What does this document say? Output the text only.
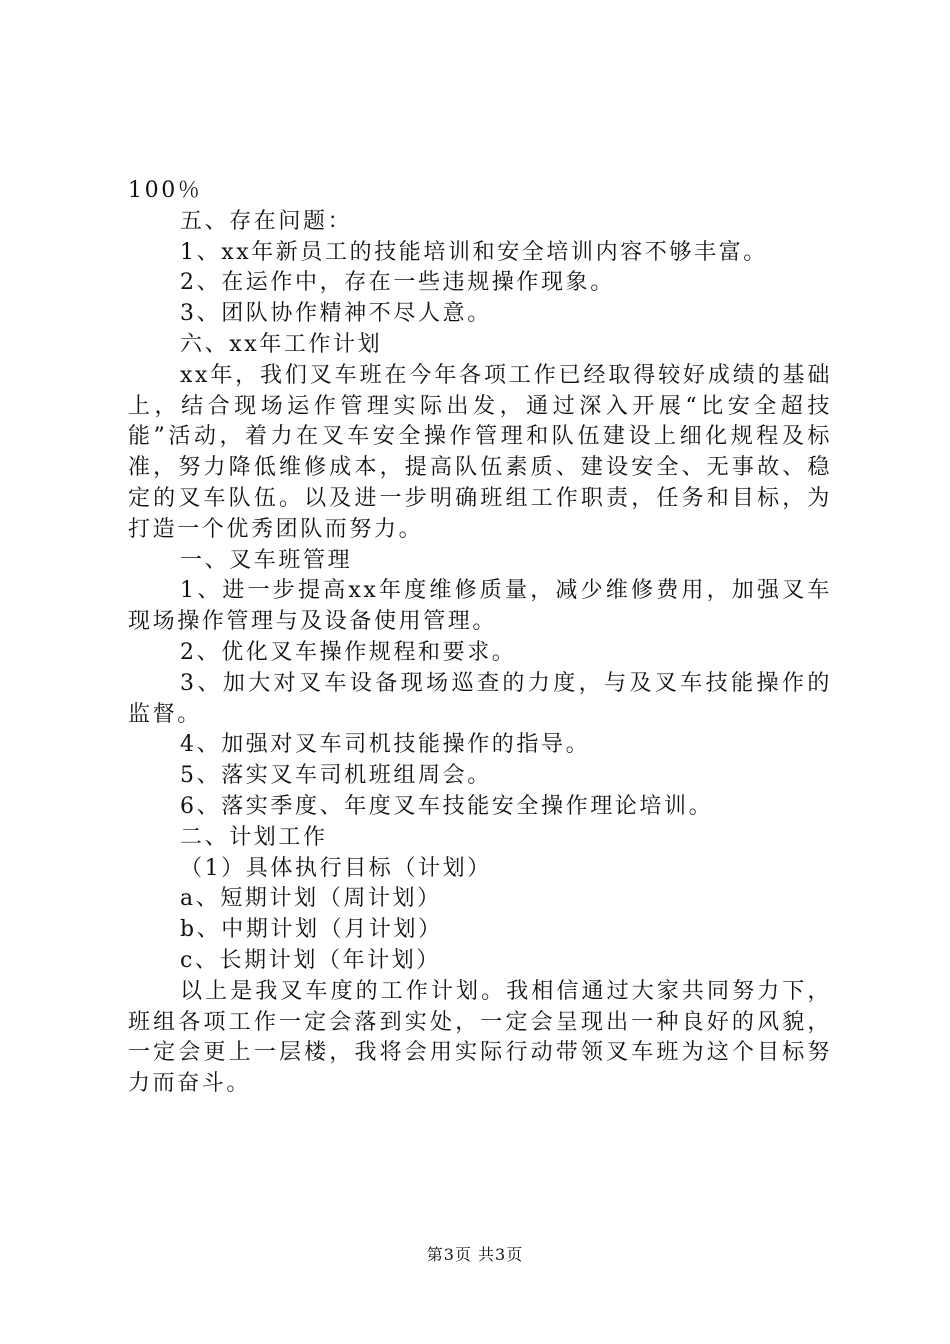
100％

五、存在问题：

1、xx年新员工的技能培训和安全培训内容不够丰富。

2、在运作中，存在一些违规操作现象。

3、团队协作精神不尽人意。

六、xx年工作计划

xx年，我们叉车班在今年各项工作已经取得较好成绩的基础上，结合现场运作管理实际出发，通过深入开展“比安全超技能”活动，着力在叉车安全操作管理和队伍建设上细化规程及标准，努力降低维修成本，提高队伍素质、建设安全、无事故、稳定的叉车队伍。以及进一步明确班组工作职责，任务和目标，为打造一个优秀团队而努力。

一、叉车班管理

1、进一步提高xx年度维修质量，减少维修费用，加强叉车现场操作管理与及设备使用管理。

2、优化叉车操作规程和要求。

3、加大对叉车设备现场巡查的力度，与及叉车技能操作的监督。

4、加强对叉车司机技能操作的指导。

5、落实叉车司机班组周会。

6、落实季度、年度叉车技能安全操作理论培训。

二、计划工作

（1）具体执行目标（计划）

a、短期计划（周计划）

b、中期计划（月计划）

c、长期计划（年计划）

以上是我叉车度的工作计划。我相信通过大家共同努力下，班组各项工作一定会落到实处，一定会呈现出一种良好的风貌，一定会更上一层楼，我将会用实际行动带领叉车班为这个目标努力而奋斗。

第3页 共3页
